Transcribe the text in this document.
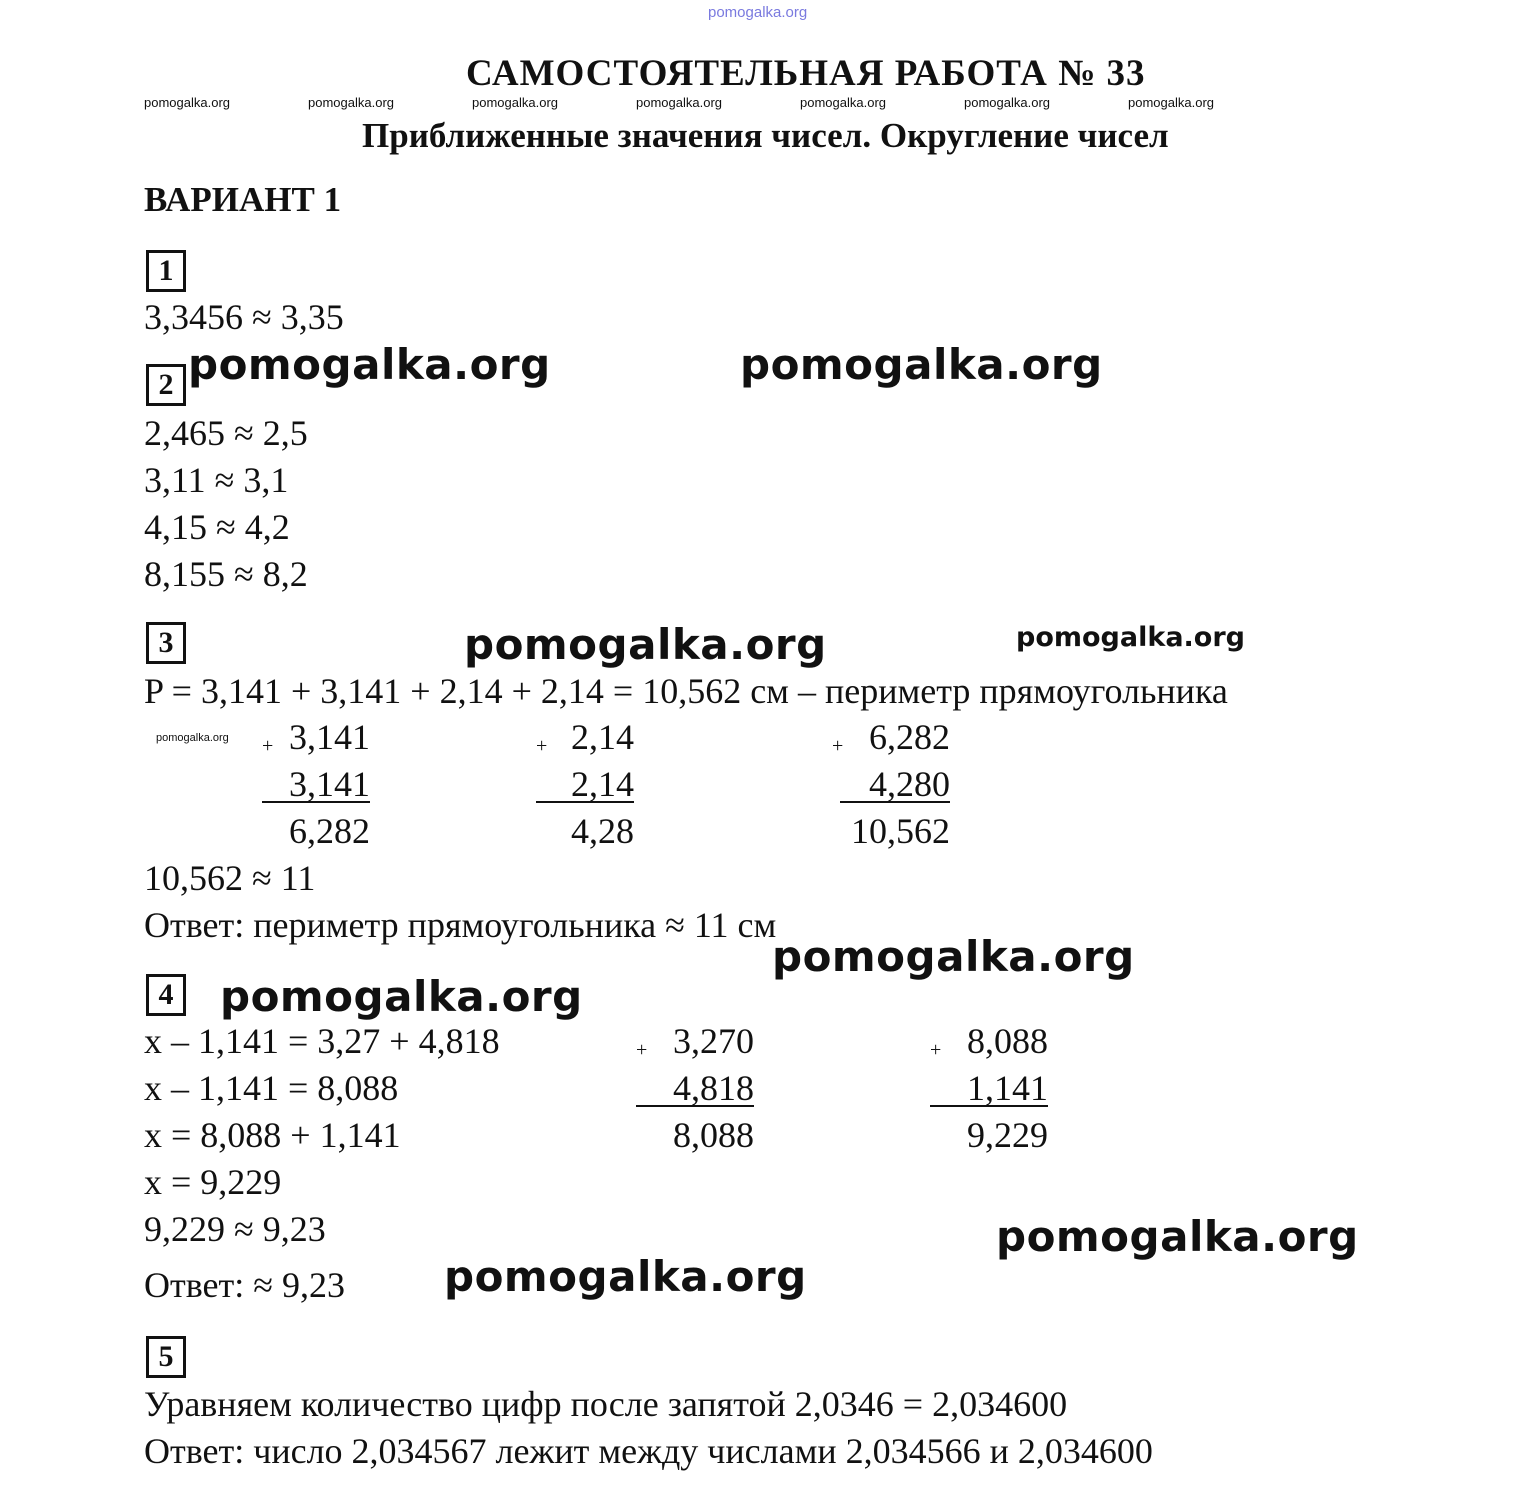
pomogalka.org
САМОСТОЯТЕЛЬНАЯ РАБОТА № 33
pomogalka.org	pomogalka.org	pomogalka.org	pomogalka.org	pomogalka.org	pomogalka.org	pomogalka.org
Приближенные значения чисел. Округление чисел
ВАРИАНТ 1
1
3,3456 ≈ 3,35
2 pomogalka.org	pomogalka.org
2,465 ≈ 2,5
3,11 ≈ 3,1
4,15 ≈ 4,2
8,155 ≈ 8,2
3	pomogalka.org	pomogalka.org
P = 3,141 + 3,141 + 2,14 + 2,14 = 10,562 см – периметр прямоугольника
pomogalka.org + 3,141
3,141
6,282
+ 2,14
2,14
4,28
+ 6,282
4,280
10,562
10,562 ≈ 11
Ответ: периметр прямоугольника ≈ 11 см
pomogalka.org
4 pomogalka.org
x – 1,141 = 3,27 + 4,818
x – 1,141 = 8,088
x = 8,088 + 1,141
x = 9,229
9,229 ≈ 9,23
+ 3,270
4,818
8,088
+ 8,088
1,141
9,229
pomogalka.org
Ответ: ≈ 9,23 pomogalka.org
5
Уравняем количество цифр после запятой 2,0346 = 2,034600
Ответ: число 2,034567 лежит между числами 2,034566 и 2,034600
